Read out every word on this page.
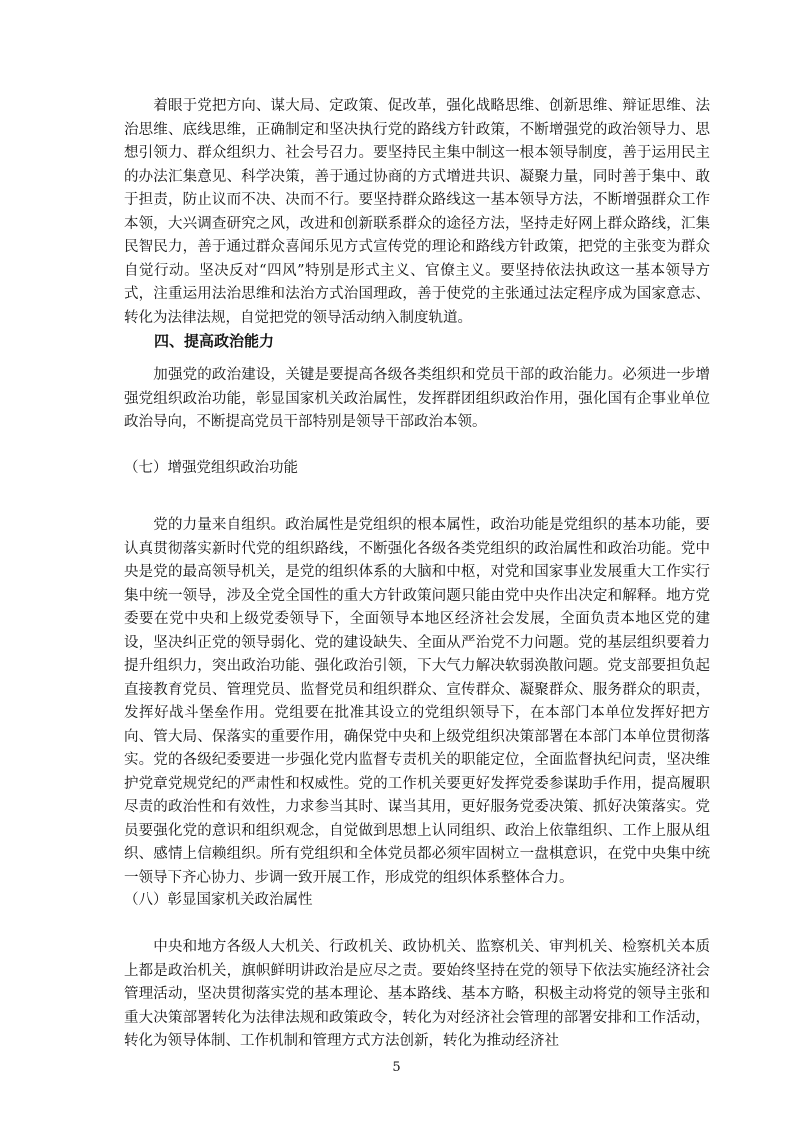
　　着眼于党把方向、谋大局、定政策、促改革，强化战略思维、创新思维、辩证思维、法治思维、底线思维，正确制定和坚决执行党的路线方针政策，不断增强党的政治领导力、思想引领力、群众组织力、社会号召力。要坚持民主集中制这一根本领导制度，善于运用民主的办法汇集意见、科学决策，善于通过协商的方式增进共识、凝聚力量，同时善于集中、敢于担责，防止议而不决、决而不行。要坚持群众路线这一基本领导方法，不断增强群众工作本领，大兴调查研究之风，改进和创新联系群众的途径方法，坚持走好网上群众路线，汇集民智民力，善于通过群众喜闻乐见方式宣传党的理论和路线方针政策，把党的主张变为群众自觉行动。坚决反对“四风”特别是形式主义、官僚主义。要坚持依法执政这一基本领导方式，注重运用法治思维和法治方式治国理政，善于使党的主张通过法定程序成为国家意志、转化为法律法规，自觉把党的领导活动纳入制度轨道。

四、提高政治能力

　　加强党的政治建设，关键是要提高各级各类组织和党员干部的政治能力。必须进一步增强党组织政治功能，彰显国家机关政治属性，发挥群团组织政治作用，强化国有企事业单位政治导向，不断提高党员干部特别是领导干部政治本领。

（七）增强党组织政治功能

　　党的力量来自组织。政治属性是党组织的根本属性，政治功能是党组织的基本功能，要认真贯彻落实新时代党的组织路线，不断强化各级各类党组织的政治属性和政治功能。党中央是党的最高领导机关，是党的组织体系的大脑和中枢，对党和国家事业发展重大工作实行集中统一领导，涉及全党全国性的重大方针政策问题只能由党中央作出决定和解释。地方党委要在党中央和上级党委领导下，全面领导本地区经济社会发展，全面负责本地区党的建设，坚决纠正党的领导弱化、党的建设缺失、全面从严治党不力问题。党的基层组织要着力提升组织力，突出政治功能、强化政治引领，下大气力解决软弱涣散问题。党支部要担负起直接教育党员、管理党员、监督党员和组织群众、宣传群众、凝聚群众、服务群众的职责，发挥好战斗堡垒作用。党组要在批准其设立的党组织领导下，在本部门本单位发挥好把方向、管大局、保落实的重要作用，确保党中央和上级党组织决策部署在本部门本单位贯彻落实。党的各级纪委要进一步强化党内监督专责机关的职能定位，全面监督执纪问责，坚决维护党章党规党纪的严肃性和权威性。党的工作机关要更好发挥党委参谋助手作用，提高履职尽责的政治性和有效性，力求参当其时、谋当其用，更好服务党委决策、抓好决策落实。党员要强化党的意识和组织观念，自觉做到思想上认同组织、政治上依靠组织、工作上服从组织、感情上信赖组织。所有党组织和全体党员都必须牢固树立一盘棋意识，在党中央集中统一领导下齐心协力、步调一致开展工作，形成党的组织体系整体合力。

（八）彰显国家机关政治属性

　　中央和地方各级人大机关、行政机关、政协机关、监察机关、审判机关、检察机关本质上都是政治机关，旗帜鲜明讲政治是应尽之责。要始终坚持在党的领导下依法实施经济社会管理活动，坚决贯彻落实党的基本理论、基本路线、基本方略，积极主动将党的领导主张和重大决策部署转化为法律法规和政策政令，转化为对经济社会管理的部署安排和工作活动，转化为领导体制、工作机制和管理方式方法创新，转化为推动经济社

5
